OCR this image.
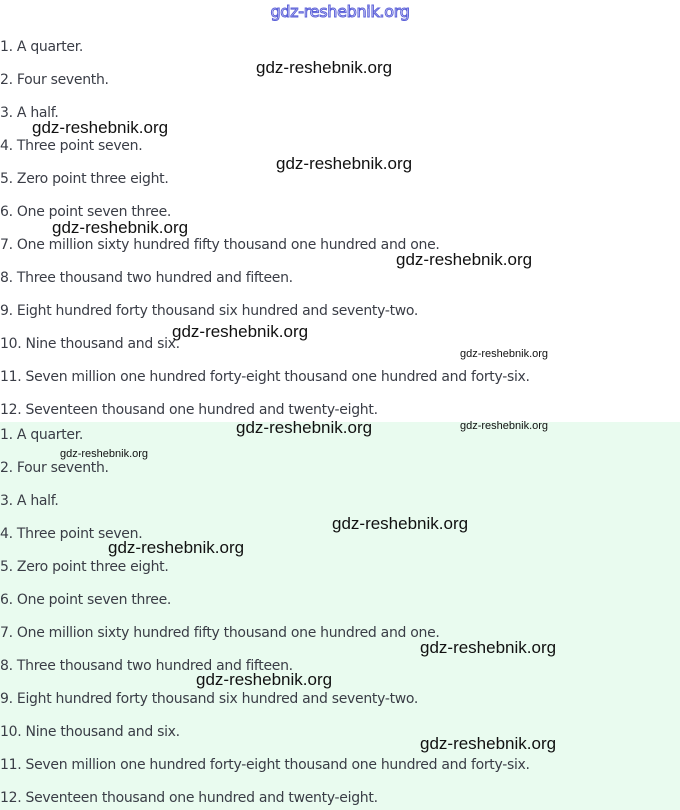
gdz-reshebnik.org
1. A quarter.
2. Four seventh.
3. A half.
4. Three point seven.
5. Zero point three eight.
6. One point seven three.
7. One million sixty hundred fifty thousand one hundred and one.
8. Three thousand two hundred and fifteen.
9. Eight hundred forty thousand six hundred and seventy-two.
10. Nine thousand and six.
11. Seven million one hundred forty-eight thousand one hundred and forty-six.
12. Seventeen thousand one hundred and twenty-eight.
1. A quarter.
2. Four seventh.
3. A half.
4. Three point seven.
5. Zero point three eight.
6. One point seven three.
7. One million sixty hundred fifty thousand one hundred and one.
8. Three thousand two hundred and fifteen.
9. Eight hundred forty thousand six hundred and seventy-two.
10. Nine thousand and six.
11. Seven million one hundred forty-eight thousand one hundred and forty-six.
12. Seventeen thousand one hundred and twenty-eight.
gdz-reshebnik.org
gdz-reshebnik.org
gdz-reshebnik.org
gdz-reshebnik.org
gdz-reshebnik.org
gdz-reshebnik.org
gdz-reshebnik.org
gdz-reshebnik.org	gdz-reshebnik.org
gdz-reshebnik.org
gdz-reshebnik.org
gdz-reshebnik.org
gdz-reshebnik.org
gdz-reshebnik.org
gdz-reshebnik.org
